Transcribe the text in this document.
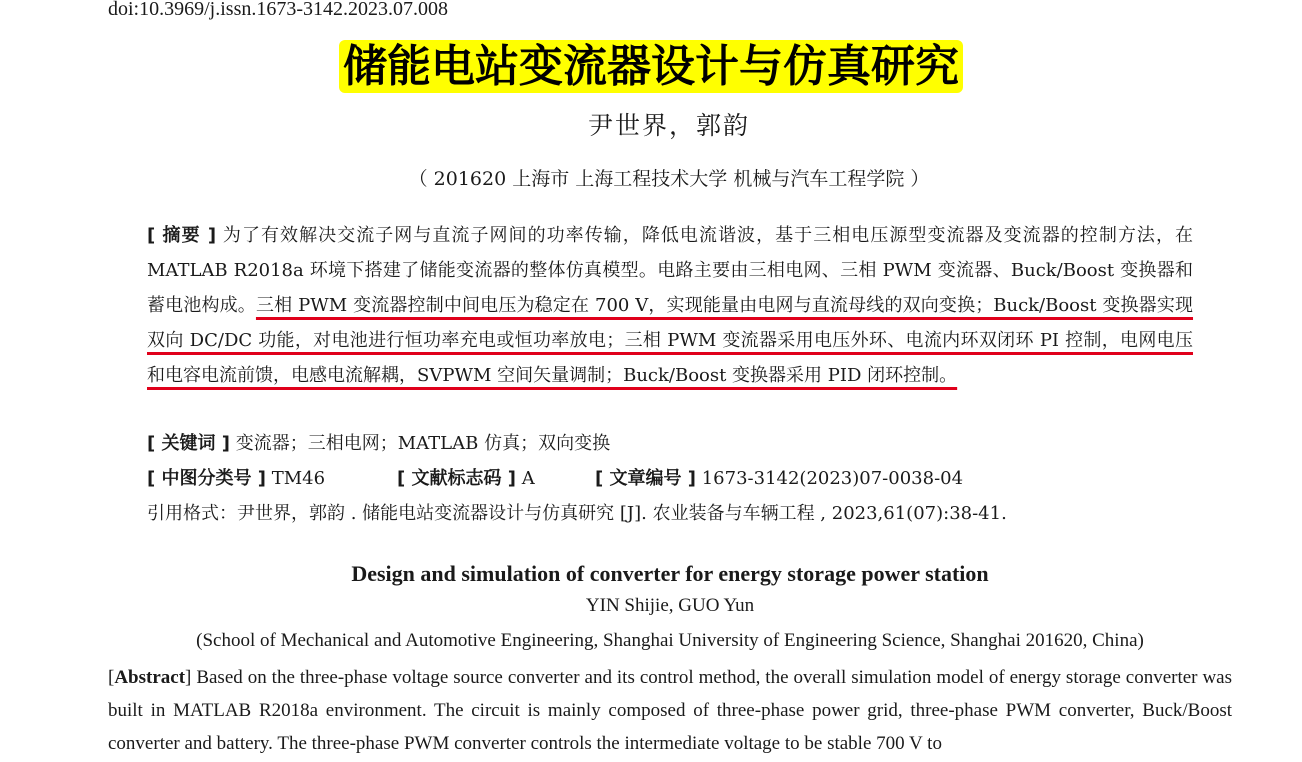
doi:10.3969/j.issn.1673-3142.2023.07.008
储能电站变流器设计与仿真研究
尹世界，郭韵
（ 201620 上海市 上海工程技术大学 机械与汽车工程学院 ）
[ 摘要 ] 为了有效解决交流子网与直流子网间的功率传输，降低电流谐波，基于三相电压源型变流器及变流器的控制方法，在 MATLAB R2018a 环境下搭建了储能变流器的整体仿真模型。电路主要由三相电网、三相 PWM 变流器、Buck/Boost 变换器和蓄电池构成。三相 PWM 变流器控制中间电压为稳定在 700 V，实现能量由电网与直流母线的双向变换；Buck/Boost 变换器实现双向 DC/DC 功能，对电池进行恒功率充电或恒功率放电；三相 PWM 变流器采用电压外环、电流内环双闭环 PI 控制，电网电压和电容电流前馈，电感电流解耦，SVPWM 空间矢量调制；Buck/Boost 变换器采用 PID 闭环控制。
[ 关键词 ] 变流器；三相电网；MATLAB 仿真；双向变换
[ 中图分类号 ] TM46	[ 文献标志码 ] A	[ 文章编号 ] 1673-3142(2023)07-0038-04
引用格式：尹世界，郭韵 . 储能电站变流器设计与仿真研究 [J]. 农业装备与车辆工程 , 2023,61(07):38-41.
Design and simulation of converter for energy storage power station
YIN Shijie, GUO Yun
(School of Mechanical and Automotive Engineering, Shanghai University of Engineering Science, Shanghai 201620, China)
[Abstract] Based on the three-phase voltage source converter and its control method, the overall simulation model of energy storage converter was built in MATLAB R2018a environment. The circuit is mainly composed of three-phase power grid, three-phase PWM converter, Buck/Boost converter and battery. The three-phase PWM converter controls the intermediate voltage to be stable 700 V to
